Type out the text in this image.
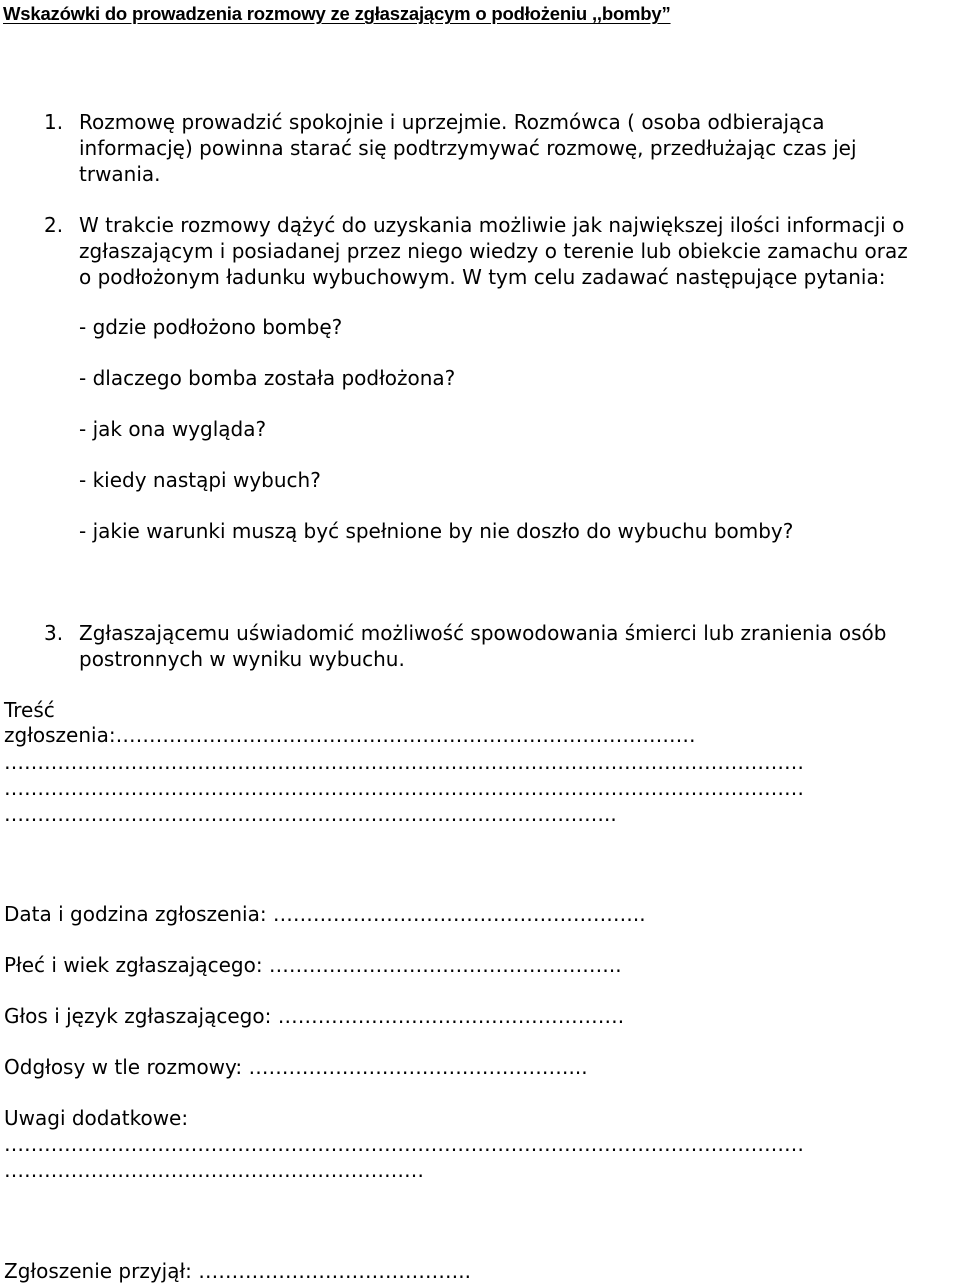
Wskazówki do prowadzenia rozmowy ze zgłaszającym o podłożeniu ,,bomby”
1. Rozmowę prowadzić spokojnie i uprzejmie. Rozmówca ( osoba odbierająca
informację) powinna starać się podtrzymywać rozmowę, przedłużając czas jej
trwania.
2. W trakcie rozmowy dążyć do uzyskania możliwie jak największej ilości informacji o
zgłaszającym i posiadanej przez niego wiedzy o terenie lub obiekcie zamachu oraz
o podłożonym ładunku wybuchowym. W tym celu zadawać następujące pytania:
- gdzie podłożono bombę?
- dlaczego bomba została podłożona?
- jak ona wygląda?
- kiedy nastąpi wybuch?
- jakie warunki muszą być spełnione by nie doszło do wybuchu bomby?
3. Zgłaszającemu uświadomić możliwość spowodowania śmierci lub zranienia osób
postronnych w wyniku wybuchu.
Treść
zgłoszenia:……………………………………………………………………………
…………………………………………………………………………………………………………
…………………………………………………………………………………………………………
………………………………………………………………………………..
Data i godzina zgłoszenia: ………………………………………………..
Płeć i wiek zgłaszającego: ……………………………………………..
Głos i język zgłaszającego: …………………………………………….
Odgłosy w tle rozmowy: …………………………………………...
Uwagi dodatkowe:
…………………………………………………………………………………………………………
………………………………………………………
Zgłoszenie przyjął: …………………………………..
